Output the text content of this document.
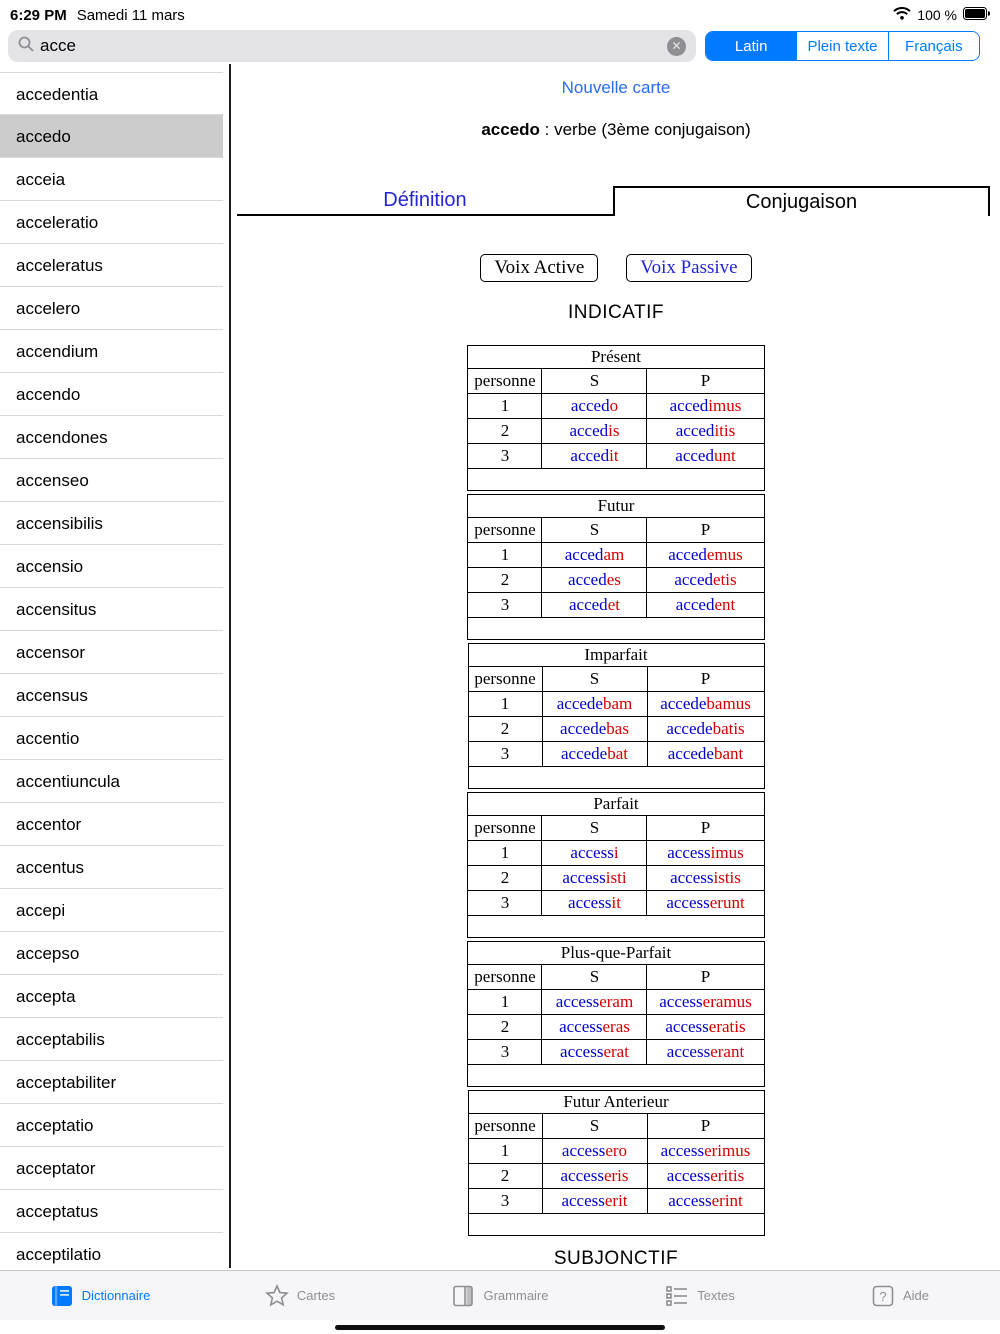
6:29 PM Samedi 11 mars	100 %
acce
✕	Latin	Plein texte	Français
accedentia
accedo
acceia
acceleratio
acceleratus
accelero
accendium
accendo
accendones
accenseo
accensibilis
accensio
accensitus
accensor
accensus
accentio
accentiuncula
accentor
accentus
accepi
accepso
accepta
acceptabilis
acceptabiliter
acceptatio
acceptator
acceptatus
acceptilatio
Nouvelle carte
accedo : verbe (3ème conjugaison)
Définition	Conjugaison
Voix Active	Voix Passive
INDICATIF
Présent		
personne	S	P
1	accedo	accedimus
2	accedis	acceditis
3	accedit	accedunt

Futur		
personne	S	P
1	accedam	accedemus
2	accedes	accedetis
3	accedet	accedent

Imparfait		
personne	S	P
1	accedebam	accedebamus
2	accedebas	accedebatis
3	accedebat	accedebant

Parfait		
personne	S	P
1	accessi	accessimus
2	accessisti	accessistis
3	accessit	accesserunt

Plus-que-Parfait		
personne	S	P
1	accesseram	accesseramus
2	accesseras	accesseratis
3	accesserat	accesserant

Futur Anterieur		
personne	S	P
1	accessero	accesserimus
2	accesseris	accesseritis
3	accesserit	accesserint

SUBJONCTIF
Dictionnaire	Cartes	Grammaire	Textes	? Aide
